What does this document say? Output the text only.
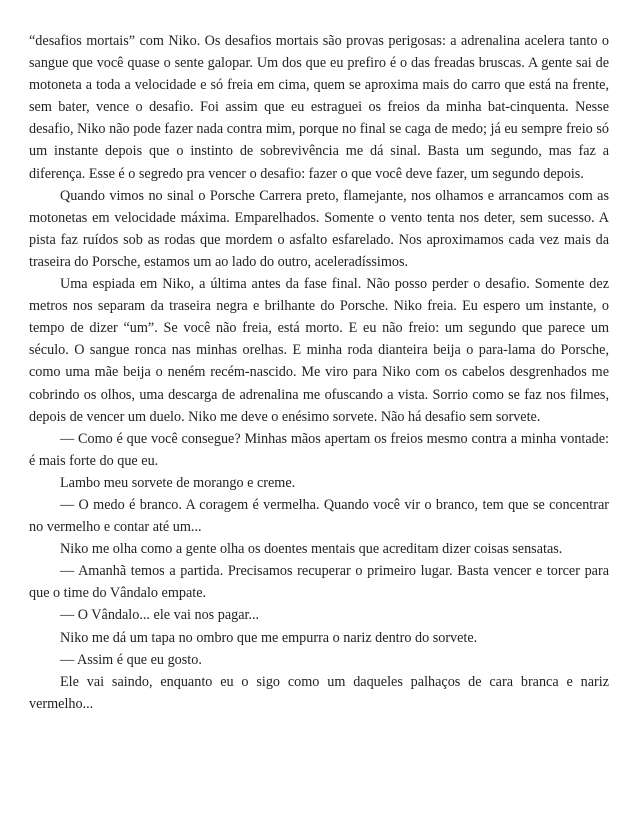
“desafios mortais” com Niko. Os desafios mortais são provas perigosas: a adrenalina acelera tanto o sangue que você quase o sente galopar. Um dos que eu prefiro é o das freadas bruscas. A gente sai de motoneta a toda a velocidade e só freia em cima, quem se aproxima mais do carro que está na frente, sem bater, vence o desafio. Foi assim que eu estraguei os freios da minha bat-cinquenta. Nesse desafio, Niko não pode fazer nada contra mim, porque no final se caga de medo; já eu sempre freio só um instante depois que o instinto de sobrevivência me dá sinal. Basta um segundo, mas faz a diferença. Esse é o segredo pra vencer o desafio: fazer o que você deve fazer, um segundo depois.

Quando vimos no sinal o Porsche Carrera preto, flamejante, nos olhamos e arrancamos com as motonetas em velocidade máxima. Emparelhados. Somente o vento tenta nos deter, sem sucesso. A pista faz ruídos sob as rodas que mordem o asfalto esfarelado. Nos aproximamos cada vez mais da traseira do Porsche, estamos um ao lado do outro, aceleradíssimos.

Uma espiada em Niko, a última antes da fase final. Não posso perder o desafio. Somente dez metros nos separam da traseira negra e brilhante do Porsche. Niko freia. Eu espero um instante, o tempo de dizer “um”. Se você não freia, está morto. E eu não freio: um segundo que parece um século. O sangue ronca nas minhas orelhas. E minha roda dianteira beija o para-lama do Porsche, como uma mãe beija o neném recém-nascido. Me viro para Niko com os cabelos desgrenhados me cobrindo os olhos, uma descarga de adrenalina me ofuscando a vista. Sorrio como se faz nos filmes, depois de vencer um duelo. Niko me deve o enésimo sorvete. Não há desafio sem sorvete.

— Como é que você consegue? Minhas mãos apertam os freios mesmo contra a minha vontade: é mais forte do que eu.

Lambo meu sorvete de morango e creme.

— O medo é branco. A coragem é vermelha. Quando você vir o branco, tem que se concentrar no vermelho e contar até um...

Niko me olha como a gente olha os doentes mentais que acreditam dizer coisas sensatas.

— Amanhã temos a partida. Precisamos recuperar o primeiro lugar. Basta vencer e torcer para que o time do Vândalo empate.

— O Vândalo... ele vai nos pagar...

Niko me dá um tapa no ombro que me empurra o nariz dentro do sorvete.

— Assim é que eu gosto.

Ele vai saindo, enquanto eu o sigo como um daqueles palhaços de cara branca e nariz vermelho...
